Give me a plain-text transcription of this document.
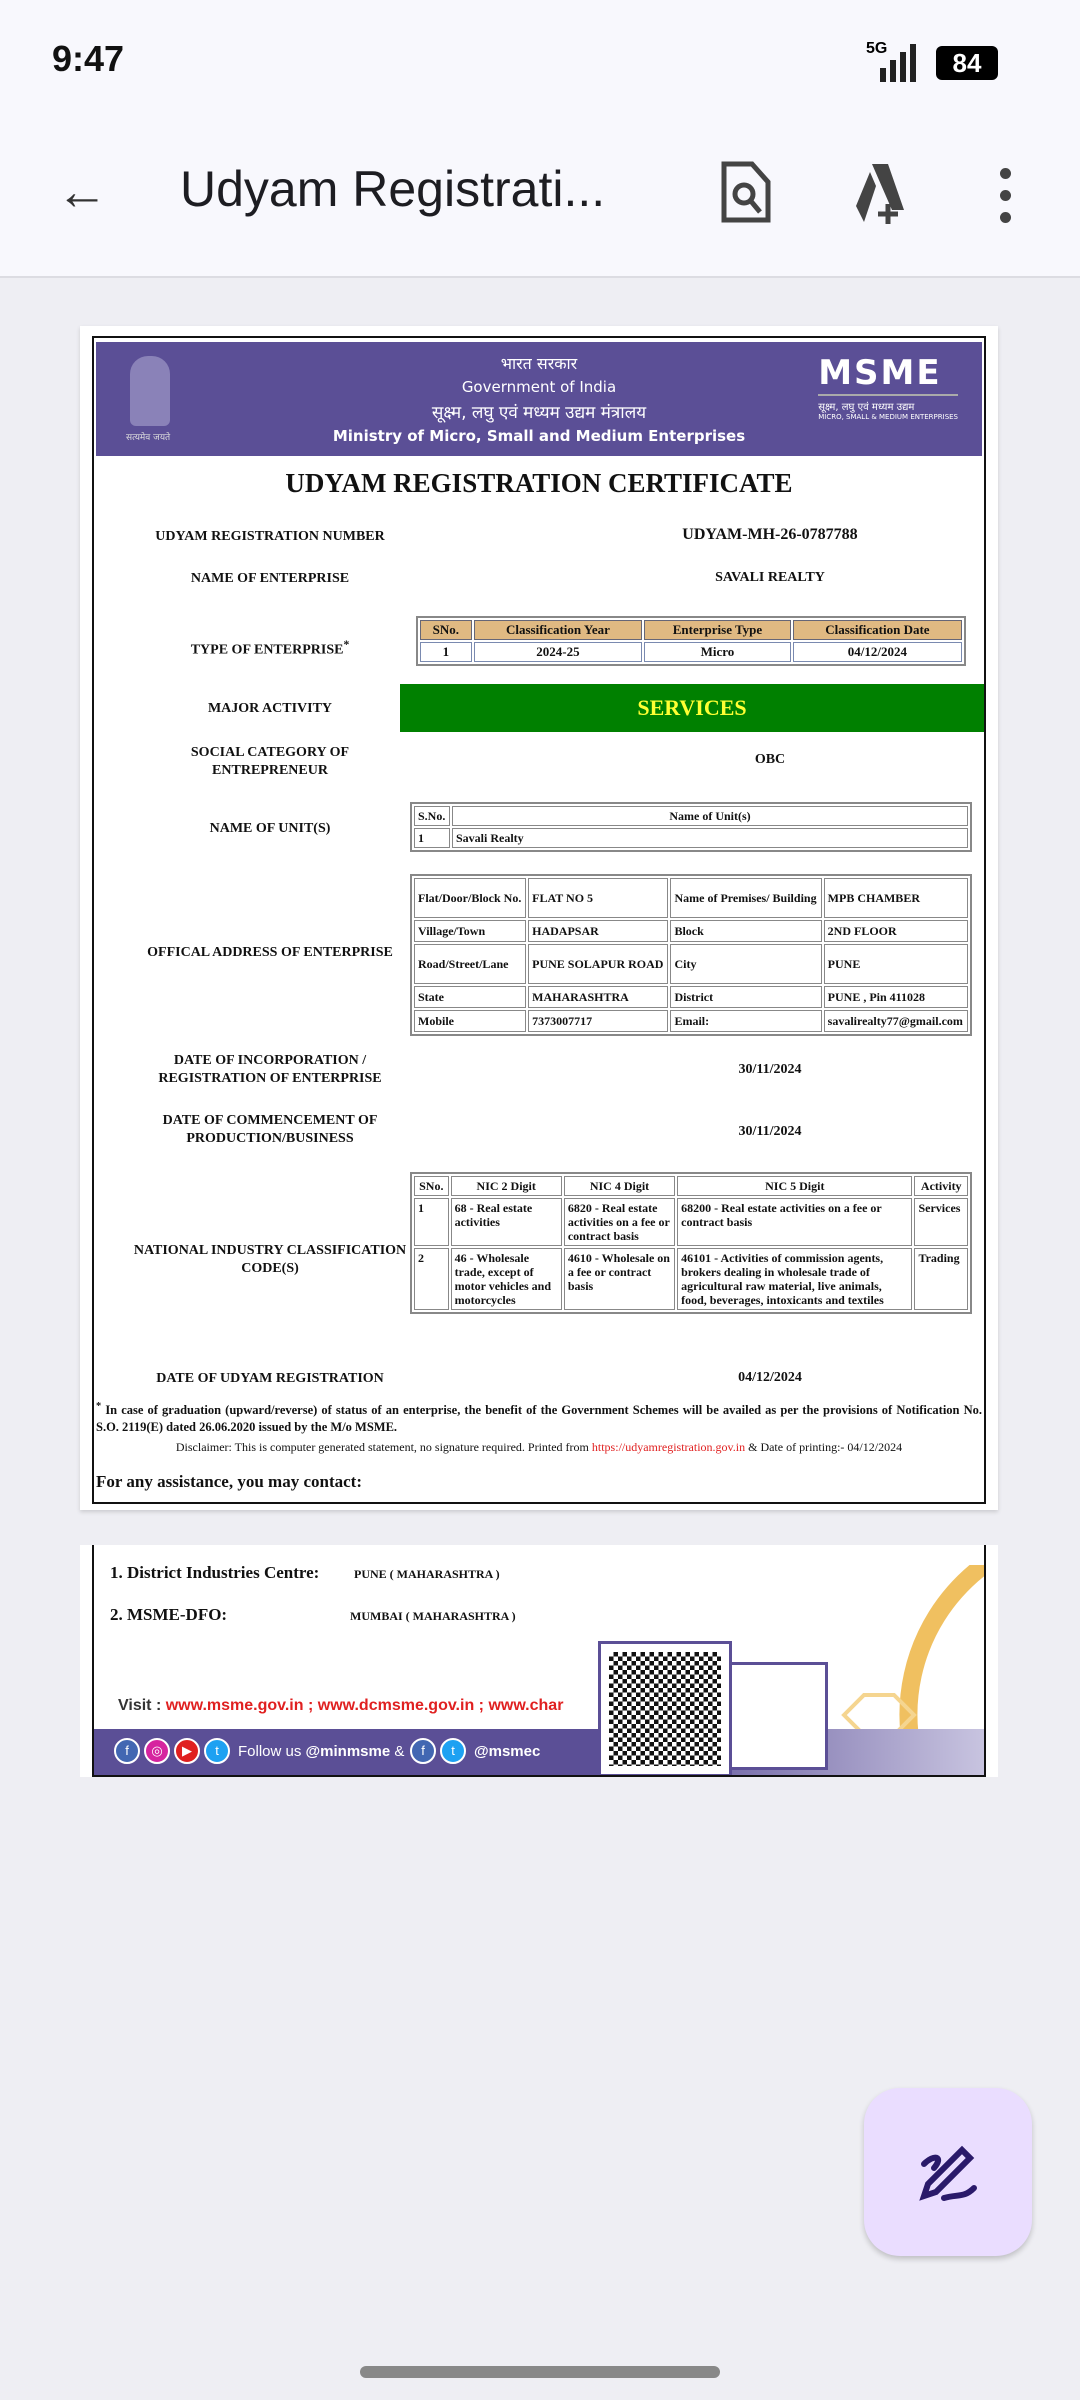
9:47	5G	84
← Udyam Registrati...
सत्यमेव जयते
भारत सरकार
Government of India
सूक्ष्म, लघु एवं मध्यम उद्यम मंत्रालय
Ministry of Micro, Small and Medium Enterprises
MSME
सूक्ष्म, लघु एवं मध्यम उद्यम
MICRO, SMALL & MEDIUM ENTERPRISES
UDYAM REGISTRATION CERTIFICATE
UDYAM REGISTRATION NUMBER	UDYAM-MH-26-0787788
NAME OF ENTERPRISE	SAVALI REALTY
TYPE OF ENTERPRISE*
SNo.	Classification Year	Enterprise Type	Classification Date
1	2024-25	Micro	04/12/2024
MAJOR ACTIVITY	SERVICES
SOCIAL CATEGORY OF ENTREPRENEUR
OBC
NAME OF UNIT(S)
S.No.	Name of Unit(s)
1	Savali Realty
OFFICAL ADDRESS OF ENTERPRISE
Flat/Door/Block No.	FLAT NO 5	Name of Premises/ Building	MPB CHAMBER
Village/Town	HADAPSAR	Block	2ND FLOOR
Road/Street/Lane	PUNE SOLAPUR ROAD	City	PUNE
State	MAHARASHTRA	District	PUNE , Pin 411028
Mobile	7373007717	Email:	savalirealty77@gmail.com
DATE OF INCORPORATION / REGISTRATION OF ENTERPRISE
30/11/2024
DATE OF COMMENCEMENT OF PRODUCTION/BUSINESS	30/11/2024
NATIONAL INDUSTRY CLASSIFICATION CODE(S)
SNo.	NIC 2 Digit	NIC 4 Digit	NIC 5 Digit	Activity
1	68 - Real estate activities	6820 - Real estate activities on a fee or contract basis	68200 - Real estate activities on a fee or contract basis	Services
2	46 - Wholesale trade, except of motor vehicles and motorcycles	4610 - Wholesale on a fee or contract basis	46101 - Activities of commission agents, brokers dealing in wholesale trade of agricultural raw material, live animals, food, beverages, intoxicants and textiles	Trading
DATE OF UDYAM REGISTRATION	04/12/2024
* In case of graduation (upward/reverse) of status of an enterprise, the benefit of the Government Schemes will be availed as per the provisions of Notification No. S.O. 2119(E) dated 26.06.2020 issued by the M/o MSME.
Disclaimer: This is computer generated statement, no signature required. Printed from https://udyamregistration.gov.in & Date of printing:- 04/12/2024
For any assistance, you may contact:
1. District Industries Centre:	PUNE ( MAHARASHTRA )
2. MSME-DFO:	MUMBAI ( MAHARASHTRA )
Visit : www.msme.gov.in ; www.dcmsme.gov.in ; www.char
f	◎	▶	t	Follow us @minmsme &	f	t	@msmec
